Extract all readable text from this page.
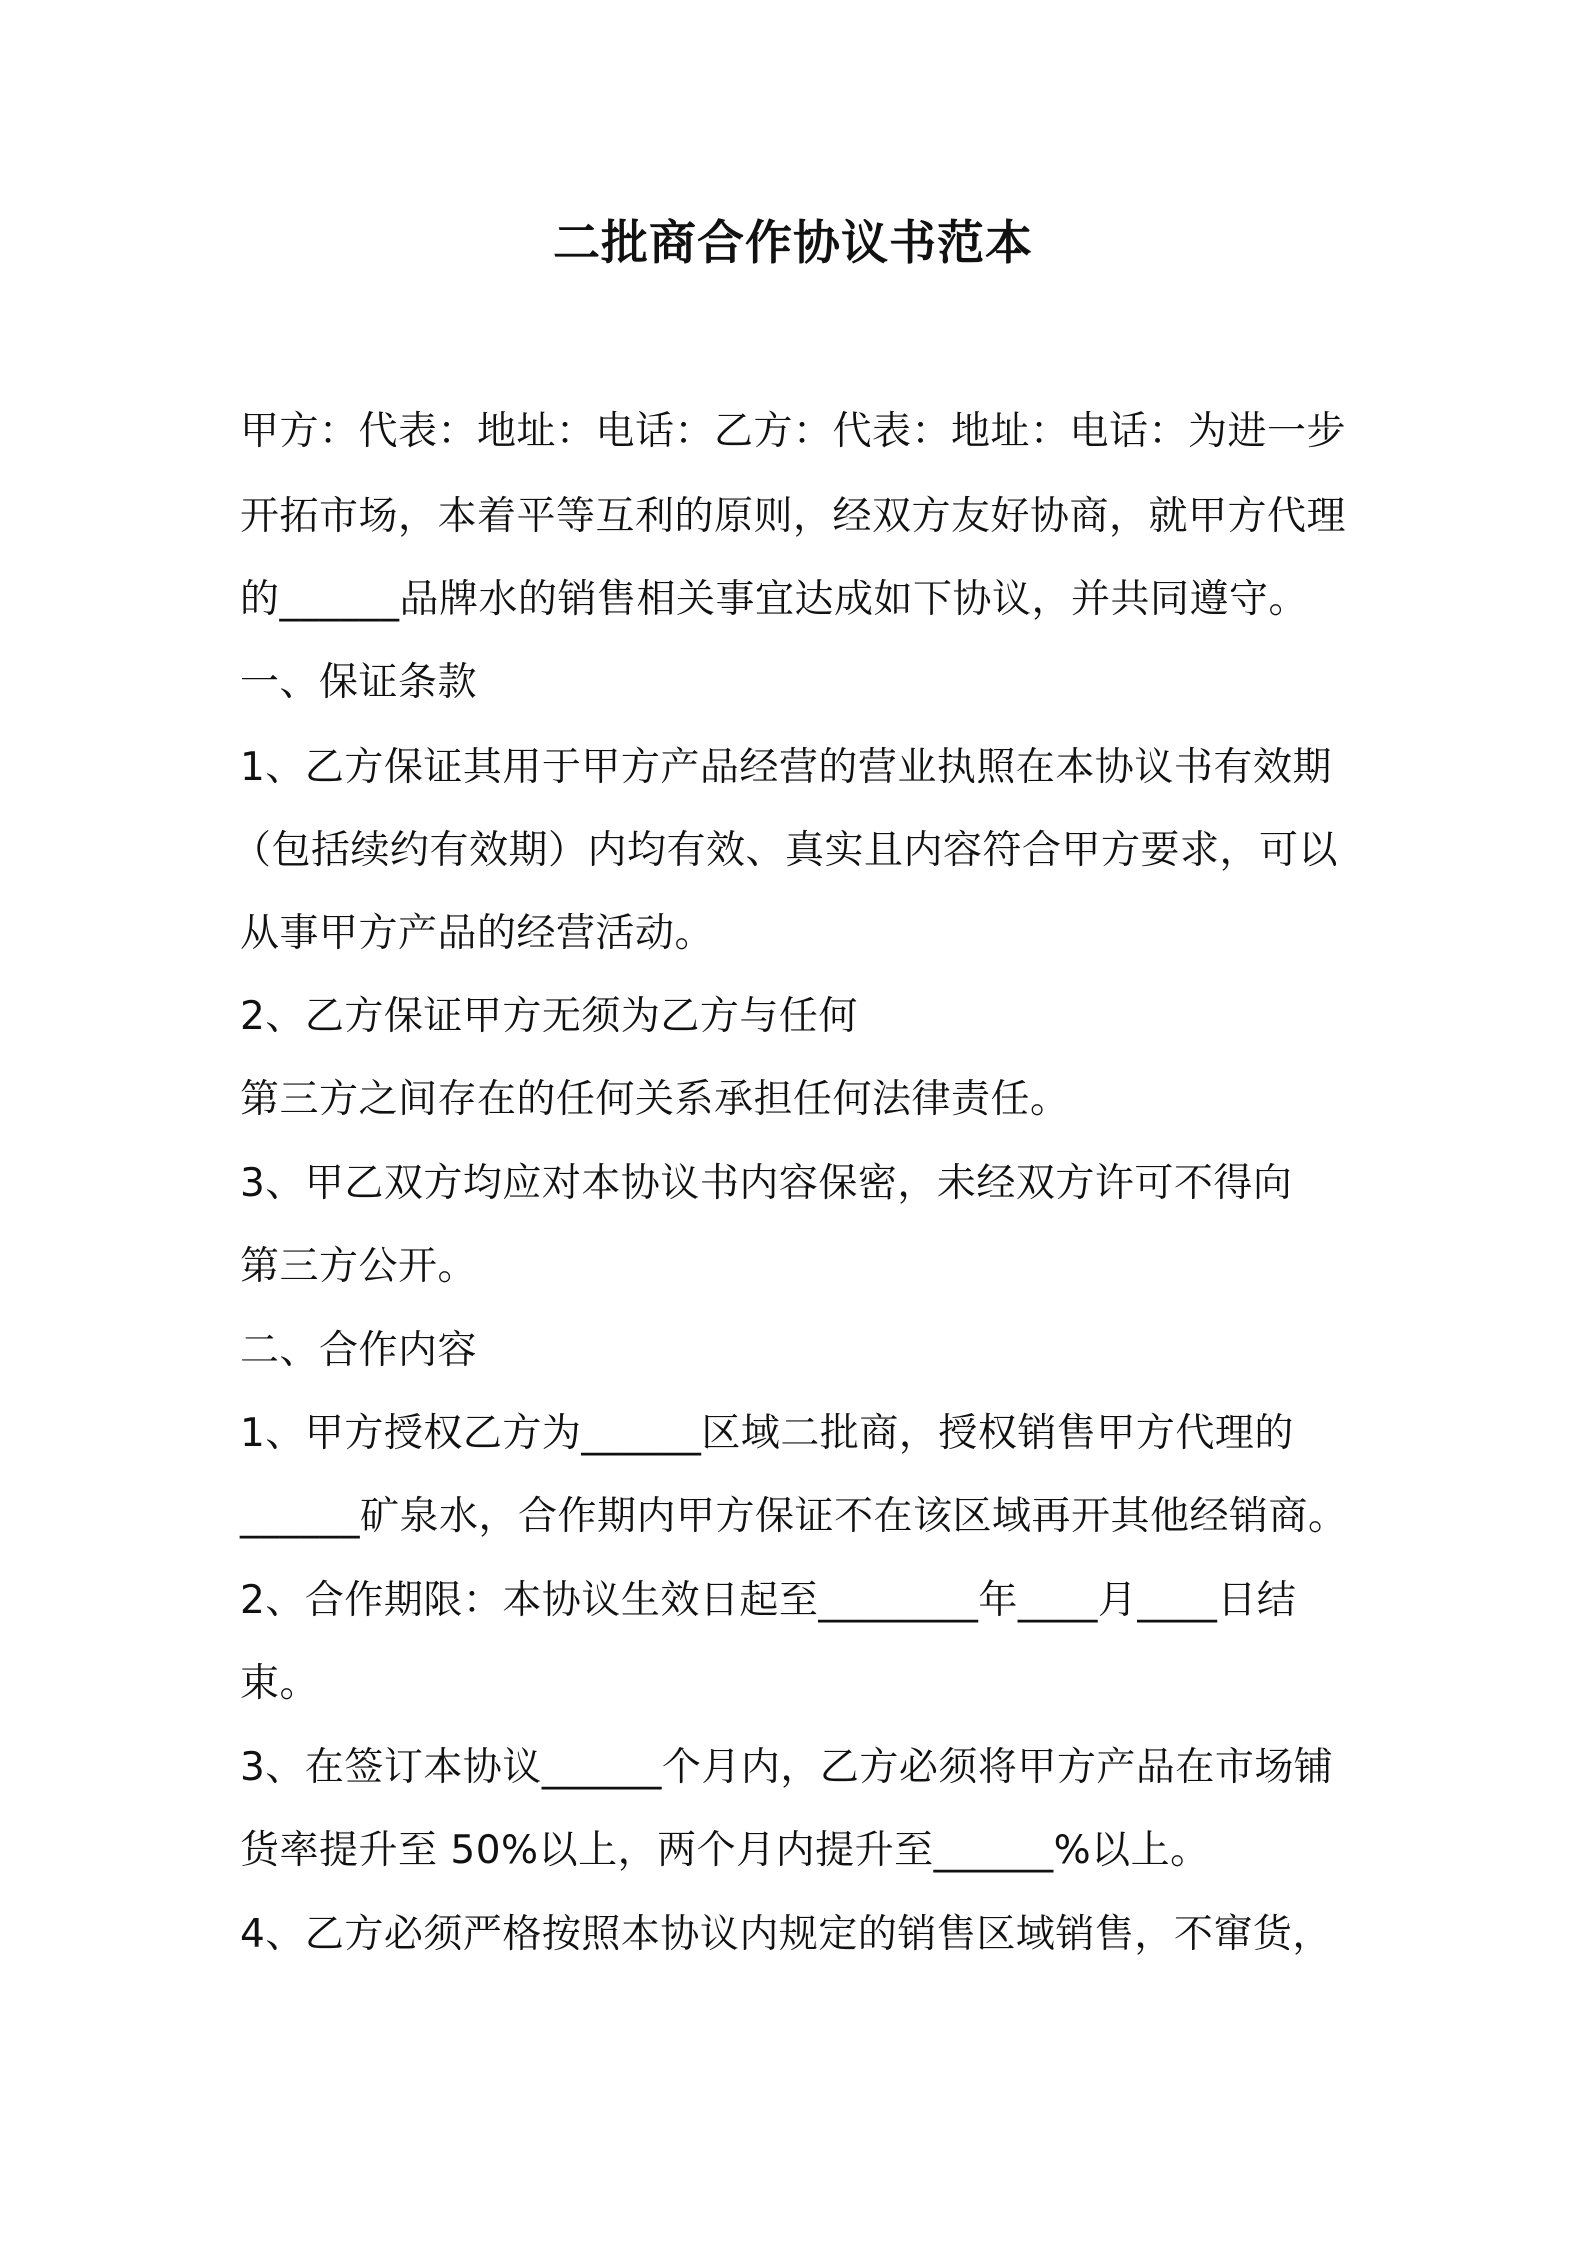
二批商合作协议书范本
甲方：代表：地址：电话：乙方：代表：地址：电话：为进一步
开拓市场，本着平等互利的原则，经双方友好协商，就甲方代理
的______品牌水的销售相关事宜达成如下协议，并共同遵守。
一、保证条款
1、乙方保证其用于甲方产品经营的营业执照在本协议书有效期
（包括续约有效期）内均有效、真实且内容符合甲方要求，可以
从事甲方产品的经营活动。
2、乙方保证甲方无须为乙方与任何
第三方之间存在的任何关系承担任何法律责任。
3、甲乙双方均应对本协议书内容保密，未经双方许可不得向
第三方公开。
二、合作内容
1、甲方授权乙方为______区域二批商，授权销售甲方代理的
______矿泉水，合作期内甲方保证不在该区域再开其他经销商。
2、合作期限：本协议生效日起至________年____月____日结
束。
3、在签订本协议______个月内，乙方必须将甲方产品在市场铺
货率提升至 50%以上，两个月内提升至______%以上。
4、乙方必须严格按照本协议内规定的销售区域销售，不窜货，
